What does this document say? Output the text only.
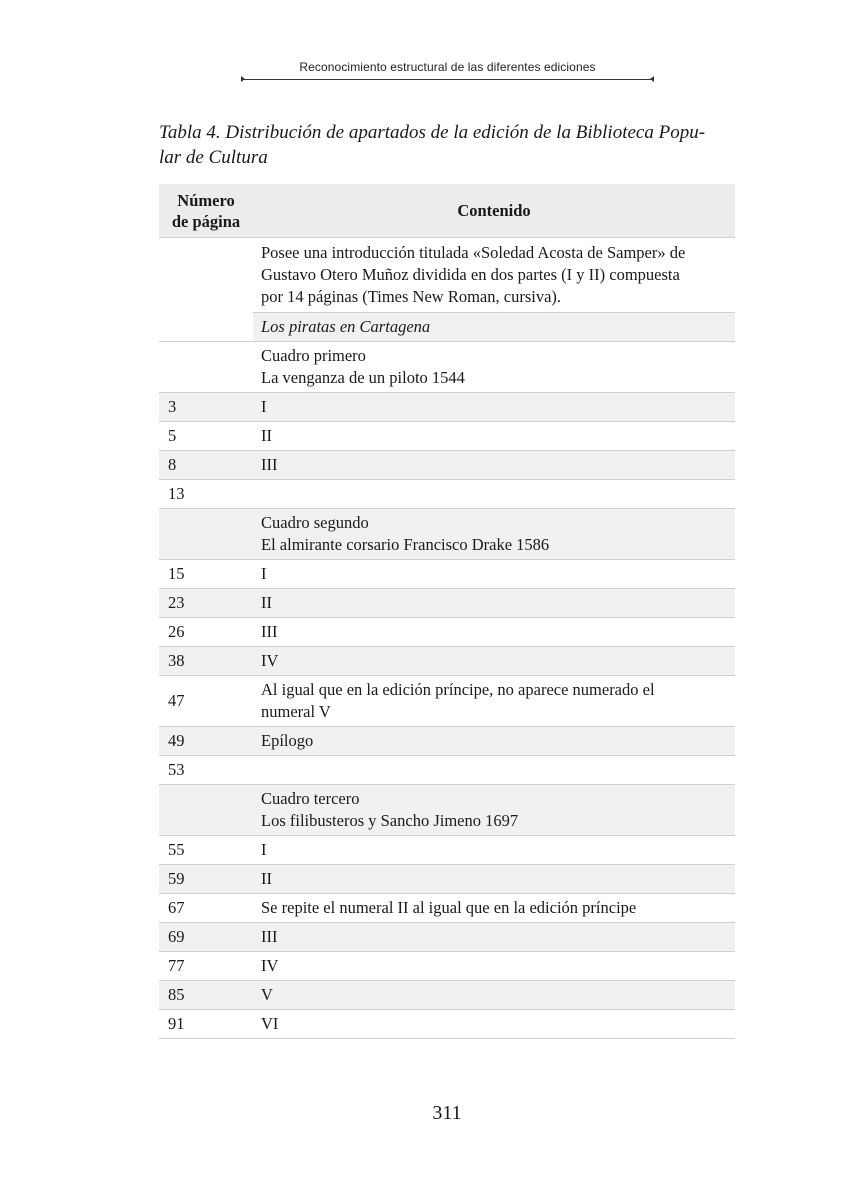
Reconocimiento estructural de las diferentes ediciones
Tabla 4. Distribución de apartados de la edición de la Biblioteca Popu-
lar de Cultura
Número
de página	Contenido

	Posee una introducción titulada «Soledad Acosta de Samper» de
Gustavo Otero Muñoz dividida en dos partes (I y II) compuesta
por 14 páginas (Times New Roman, cursiva).

	Los piratas en Cartagena

	Cuadro primero
La venganza de un piloto 1544

3	I
5	II
8	III
13	

	Cuadro segundo
El almirante corsario Francisco Drake 1586

15	I
23	II
26	III
38	IV
47	Al igual que en la edición príncipe, no aparece numerado el
numeral V

49	Epílogo
53	

	Cuadro tercero
Los filibusteros y Sancho Jimeno 1697

55	I
59	II
67	Se repite el numeral II al igual que en la edición príncipe
69	III
77	IV
85	V
91	VI
311
